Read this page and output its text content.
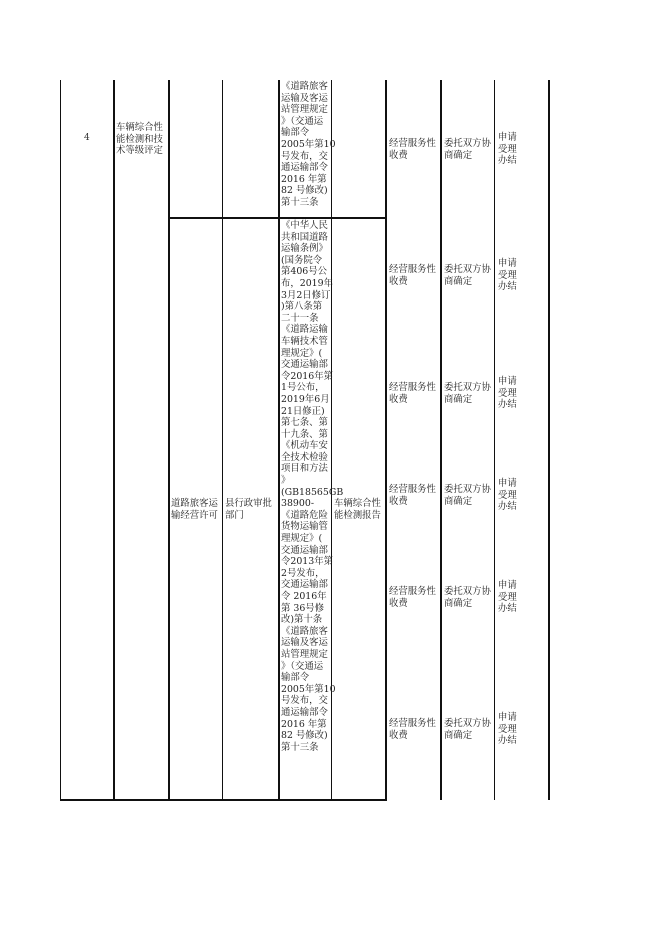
4
车辆综合性
能检测和技
术等级评定
《道路旅客
运输及客运
站管理规定
》（交通运
输部令
2005年第10
号发布，交
通运输部令
2016 年第
82 号修改)
第十三条
《中华人民
共和国道路
运输条例》
(国务院令
第406号公
布，2019年
3月2日修订
)第八条第
二十一条
《道路运输
车辆技术管
理规定》(
交通运输部
令2016年第
1号公布，
2019年6月
21日修正)
第七条、第
十九条、第
《机动车安
全技术检验
项目和方法
》
(GB18565GB
38900-
《道路危险
货物运输管
理规定》(
交通运输部
令2013年第
2号发布，
交通运输部
令 2016年
第 36号修
改)第十条
《道路旅客
运输及客运
站管理规定
》（交通运
输部令
2005年第10
号发布，交
通运输部令
2016 年第
82 号修改)
第十三条
道路旅客运
输经营许可
县行政审批
部门
车辆综合性
能检测报告
经营服务性
收费
委托双方协
商确定
申请
受理
办结
经营服务性
收费
委托双方协
商确定
申请
受理
办结
经营服务性
收费
委托双方协
商确定
申请
受理
办结
经营服务性
收费
委托双方协
商确定
申请
受理
办结
经营服务性
收费
委托双方协
商确定
申请
受理
办结
经营服务性
收费
委托双方协
商确定
申请
受理
办结
